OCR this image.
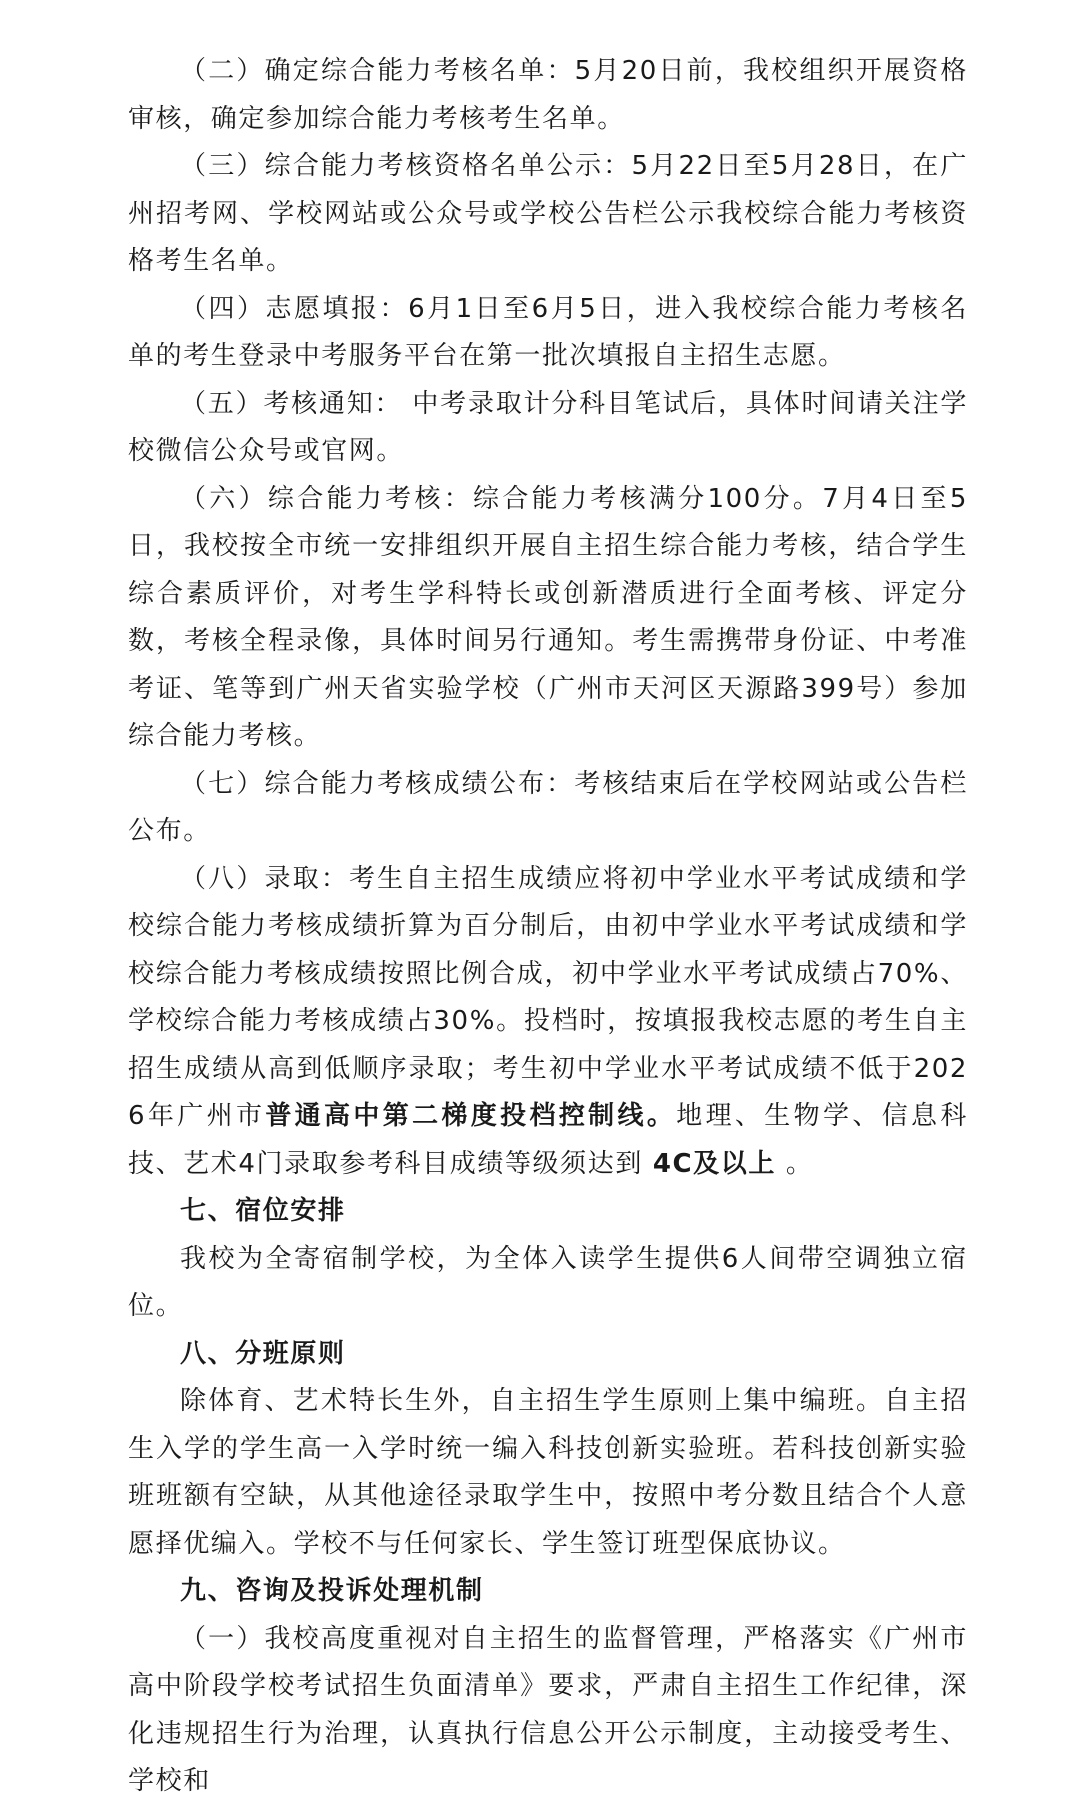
（二）确定综合能力考核名单：5月20日前，我校组织开展资格审核，确定参加综合能力考核考生名单。

（三）综合能力考核资格名单公示：5月22日至5月28日，在广州招考网、学校网站或公众号或学校公告栏公示我校综合能力考核资格考生名单。

（四）志愿填报：6月1日至6月5日，进入我校综合能力考核名单的考生登录中考服务平台在第一批次填报自主招生志愿。

（五）考核通知： 中考录取计分科目笔试后，具体时间请关注学校微信公众号或官网。

（六）综合能力考核：综合能力考核满分100分。7月4日至5日，我校按全市统一安排组织开展自主招生综合能力考核，结合学生综合素质评价，对考生学科特长或创新潜质进行全面考核、评定分数，考核全程录像，具体时间另行通知。考生需携带身份证、中考准考证、笔等到广州天省实验学校（广州市天河区天源路399号）参加综合能力考核。

（七）综合能力考核成绩公布：考核结束后在学校网站或公告栏公布。

（八）录取：考生自主招生成绩应将初中学业水平考试成绩和学校综合能力考核成绩折算为百分制后，由初中学业水平考试成绩和学校综合能力考核成绩按照比例合成，初中学业水平考试成绩占70%、学校综合能力考核成绩占30%。投档时，按填报我校志愿的考生自主招生成绩从高到低顺序录取；考生初中学业水平考试成绩不低于2026年广州市普通高中第二梯度投档控制线。地理、生物学、信息科技、艺术4门录取参考科目成绩等级须达到 4C及以上 。

七、宿位安排

我校为全寄宿制学校，为全体入读学生提供6人间带空调独立宿位。

八、分班原则

除体育、艺术特长生外，自主招生学生原则上集中编班。自主招生入学的学生高一入学时统一编入科技创新实验班。若科技创新实验班班额有空缺，从其他途径录取学生中，按照中考分数且结合个人意愿择优编入。学校不与任何家长、学生签订班型保底协议。

九、咨询及投诉处理机制

（一）我校高度重视对自主招生的监督管理，严格落实《广州市高中阶段学校考试招生负面清单》要求，严肃自主招生工作纪律，深化违规招生行为治理，认真执行信息公开公示制度，主动接受考生、学校和
